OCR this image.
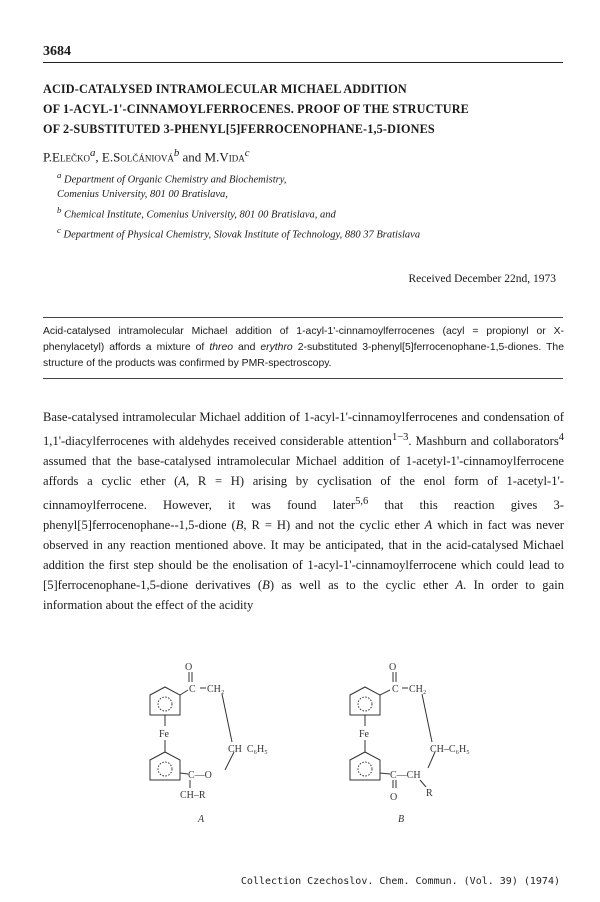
3684
ACID-CATALYSED INTRAMOLECULAR MICHAEL ADDITION
OF 1-ACYL-1'-CINNAMOYLFERROCENES. PROOF OF THE STRUCTURE
OF 2-SUBSTITUTED 3-PHENYL[5]FERROCENOPHANE-1,5-DIONES
P.Elečko$^a$, E.Solčániová$^b$ and M.Vida$^c$
$^a$ Department of Organic Chemistry and Biochemistry,
Comenius University, 801 00 Bratislava,
$^b$ Chemical Institute, Comenius University, 801 00 Bratislava, and
$^c$ Department of Physical Chemistry, Slovak Institute of Technology, 880 37 Bratislava
Received December 22nd, 1973
Acid-catalysed intramolecular Michael addition of 1-acyl-1'-cinnamoylferrocenes (acyl = propionyl or X-phenylacetyl) affords a mixture of threo and erythro 2-substituted 3-phenyl[5]ferrocenophane-1,5-diones. The structure of the products was confirmed by PMR-spectroscopy.
Base-catalysed intramolecular Michael addition of 1-acyl-1'-cinnamoylferrocenes and condensation of 1,1'-diacylferrocenes with aldehydes received considerable attention$^{1-3}$. Mashburn and collaborators$^4$ assumed that the base-catalysed intramolecular Michael addition of 1-acetyl-1'-cinnamoylferrocene affords a cyclic ether (A, R = H) arising by cyclisation of the enol form of 1-acetyl-1'-cinnamoylferrocene. However, it was found later$^{5,6}$ that this reaction gives 3-phenyl[5]ferrocenophane--1,5-dione (B, R = H) and not the cyclic ether A which in fact was never observed in any reaction mentioned above. It may be anticipated, that in the acid-catalysed Michael addition the first step should be the enolisation of 1-acyl-1'-cinnamoylferrocene which could lead to [5]ferrocenophane-1,5-dione derivatives (B) as well as to the cyclic ether A. In order to gain information about the effect of the acidity
O
C CH₂
Fe
CH  C₆H₅
C—O
CH–R
A
O
C CH₂
Fe
CH–C₆H₅
C—CH
O	R
B
Collection Czechoslov. Chem. Commun. (Vol. 39) (1974)
